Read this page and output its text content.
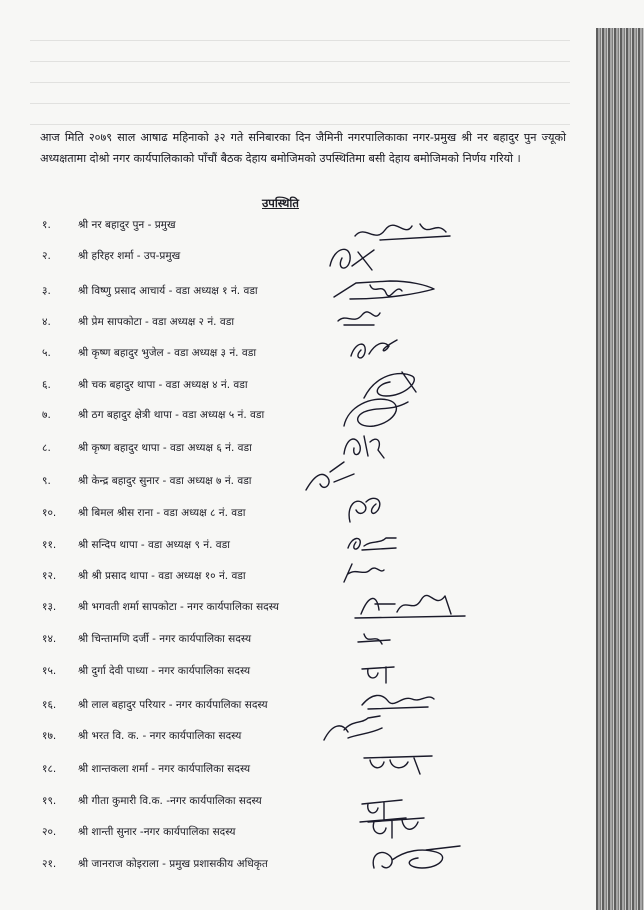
आज मिति २०७९ साल आषाढ महिनाको ३२ गते सनिबारका दिन जैमिनी नगरपालिकाका नगर-प्रमुख श्री नर बहादुर पुन ज्यूको अध्यक्षतामा दोश्रो नगर कार्यपालिकाको पाँचौं बैठक देहाय बमोजिमको उपस्थितिमा बसी देहाय बमोजिमको निर्णय गरियो ।
उपस्थिति
१.	श्री नर बहादुर पुन - प्रमुख
२.	श्री हरिहर शर्मा - उप-प्रमुख
३.	श्री विष्णु प्रसाद आचार्य - वडा अध्यक्ष १ नं. वडा
४.	श्री प्रेम सापकोटा - वडा अध्यक्ष २ नं. वडा
५.	श्री कृष्ण बहादुर भुजेल - वडा अध्यक्ष ३ नं. वडा
६.	श्री चक बहादुर थापा - वडा अध्यक्ष ४ नं. वडा
७.	श्री ठग बहादुर क्षेत्री थापा - वडा अध्यक्ष ५ नं. वडा
८.	श्री कृष्ण बहादुर थापा - वडा अध्यक्ष ६ नं. वडा
९.	श्री केन्द्र बहादुर सुनार - वडा अध्यक्ष ७ नं. वडा
१०.	श्री बिमल श्रीस राना - वडा अध्यक्ष ८ नं. वडा
११.	श्री सन्दिप थापा - वडा अध्यक्ष ९ नं. वडा
१२.	श्री श्री प्रसाद थापा - वडा अध्यक्ष १० नं. वडा
१३.	श्री भगवती शर्मा सापकोटा - नगर कार्यपालिका सदस्य
१४.	श्री चिन्तामणि दर्जी - नगर कार्यपालिका सदस्य
१५.	श्री दुर्गा देवी पाध्या - नगर कार्यपालिका सदस्य
१६.	श्री लाल बहादुर परियार - नगर कार्यपालिका सदस्य
१७.	श्री भरत वि. क. - नगर कार्यपालिका सदस्य
१८.	श्री शान्तकला शर्मा - नगर कार्यपालिका सदस्य
१९.	श्री गीता कुमारी वि.क. -नगर कार्यपालिका सदस्य
२०.	श्री शान्ती सुनार -नगर कार्यपालिका सदस्य
२१.	श्री जानराज कोइराला - प्रमुख प्रशासकीय अधिकृत
